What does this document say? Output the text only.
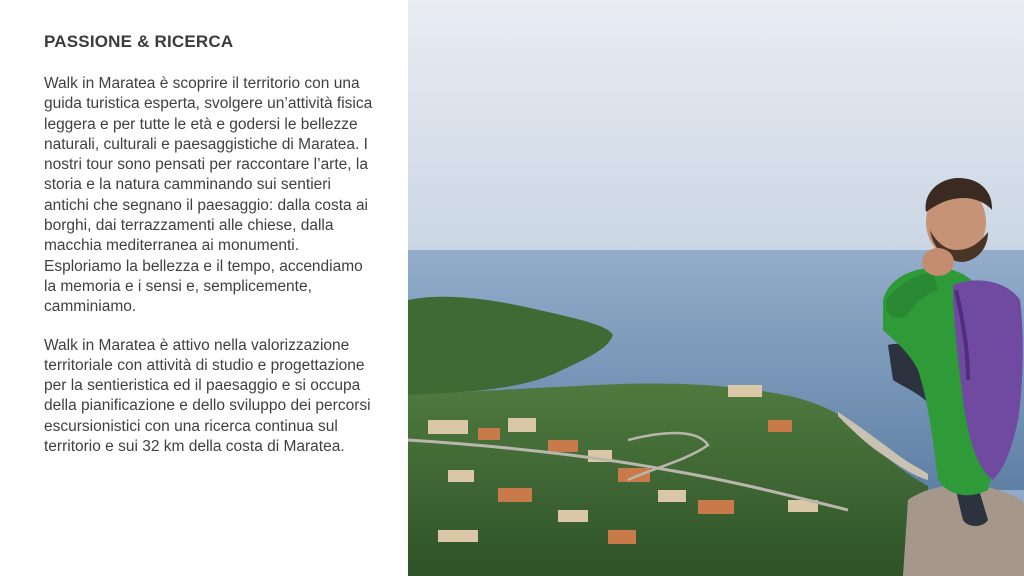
PASSIONE & RICERCA

Walk in Maratea è scoprire il territorio con una guida turistica esperta, svolgere un’attività fisica leggera e per tutte le età e godersi le bellezze naturali, culturali e paesaggistiche di Maratea. I nostri tour sono pensati per raccontare l’arte, la storia e la natura camminando sui sentieri antichi che segnano il paesaggio: dalla costa ai borghi, dai terrazzamenti alle chiese, dalla macchia mediterranea ai monumenti. Esploriamo la bellezza e il tempo, accendiamo la memoria e i sensi e, semplicemente, camminiamo.

Walk in Maratea è attivo nella valorizzazione territoriale con attività di studio e progettazione per la sentieristica ed il paesaggio e si occupa della pianificazione e dello sviluppo dei percorsi escursionistici con una ricerca continua sul territorio e sui 32 km della costa di Maratea.
